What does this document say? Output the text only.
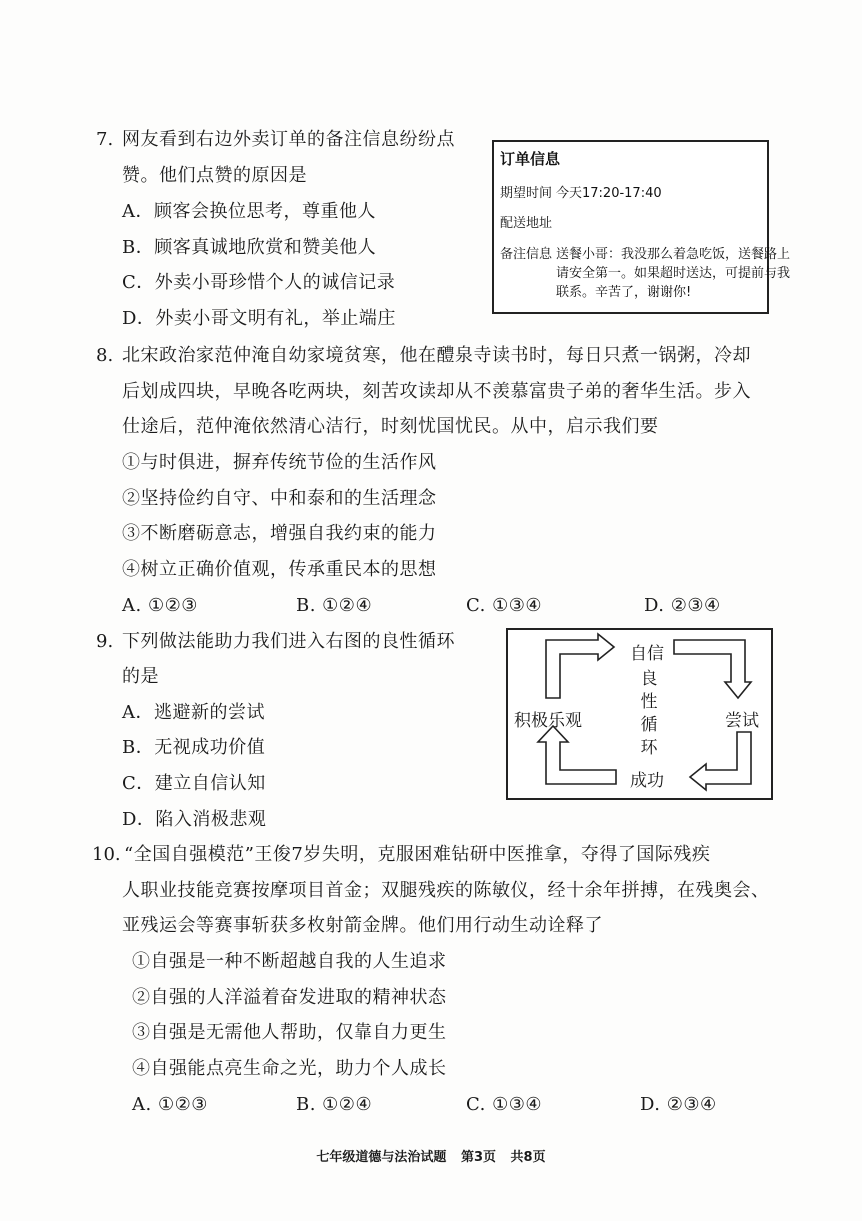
7. 网友看到右边外卖订单的备注信息纷纷点
赞。他们点赞的原因是
A．顾客会换位思考，尊重他人
B．顾客真诚地欣赏和赞美他人
C．外卖小哥珍惜个人的诚信记录
D．外卖小哥文明有礼，举止端庄
订单信息
期望时间 今天17:20-17:40
配送地址
备注信息 送餐小哥：我没那么着急吃饭，送餐路上
请安全第一。如果超时送达，可提前与我
联系。辛苦了，谢谢你!
8. 北宋政治家范仲淹自幼家境贫寒，他在醴泉寺读书时，每日只煮一锅粥，冷却
后划成四块，早晚各吃两块，刻苦攻读却从不羡慕富贵子弟的奢华生活。步入
仕途后，范仲淹依然清心洁行，时刻忧国忧民。从中，启示我们要
①与时俱进，摒弃传统节俭的生活作风
②坚持俭约自守、中和泰和的生活理念
③不断磨砺意志，增强自我约束的能力
④树立正确价值观，传承重民本的思想
A. ①②③	B. ①②④	C. ①③④	D. ②③④
9. 下列做法能助力我们进入右图的良性循环
的是
A．逃避新的尝试
B．无视成功价值
C．建立自信认知
D．陷入消极悲观
自信
尝试
成功
积极乐观
良
性
循
环
10. “全国自强模范”王俊7岁失明，克服困难钻研中医推拿，夺得了国际残疾
人职业技能竞赛按摩项目首金；双腿残疾的陈敏仪，经十余年拼搏，在残奥会、
亚残运会等赛事斩获多枚射箭金牌。他们用行动生动诠释了
①自强是一种不断超越自我的人生追求
②自强的人洋溢着奋发进取的精神状态
③自强是无需他人帮助，仅靠自力更生
④自强能点亮生命之光，助力个人成长
A. ①②③	B. ①②④	C. ①③④	D. ②③④
七年级道德与法治试题 第3页 共8页
